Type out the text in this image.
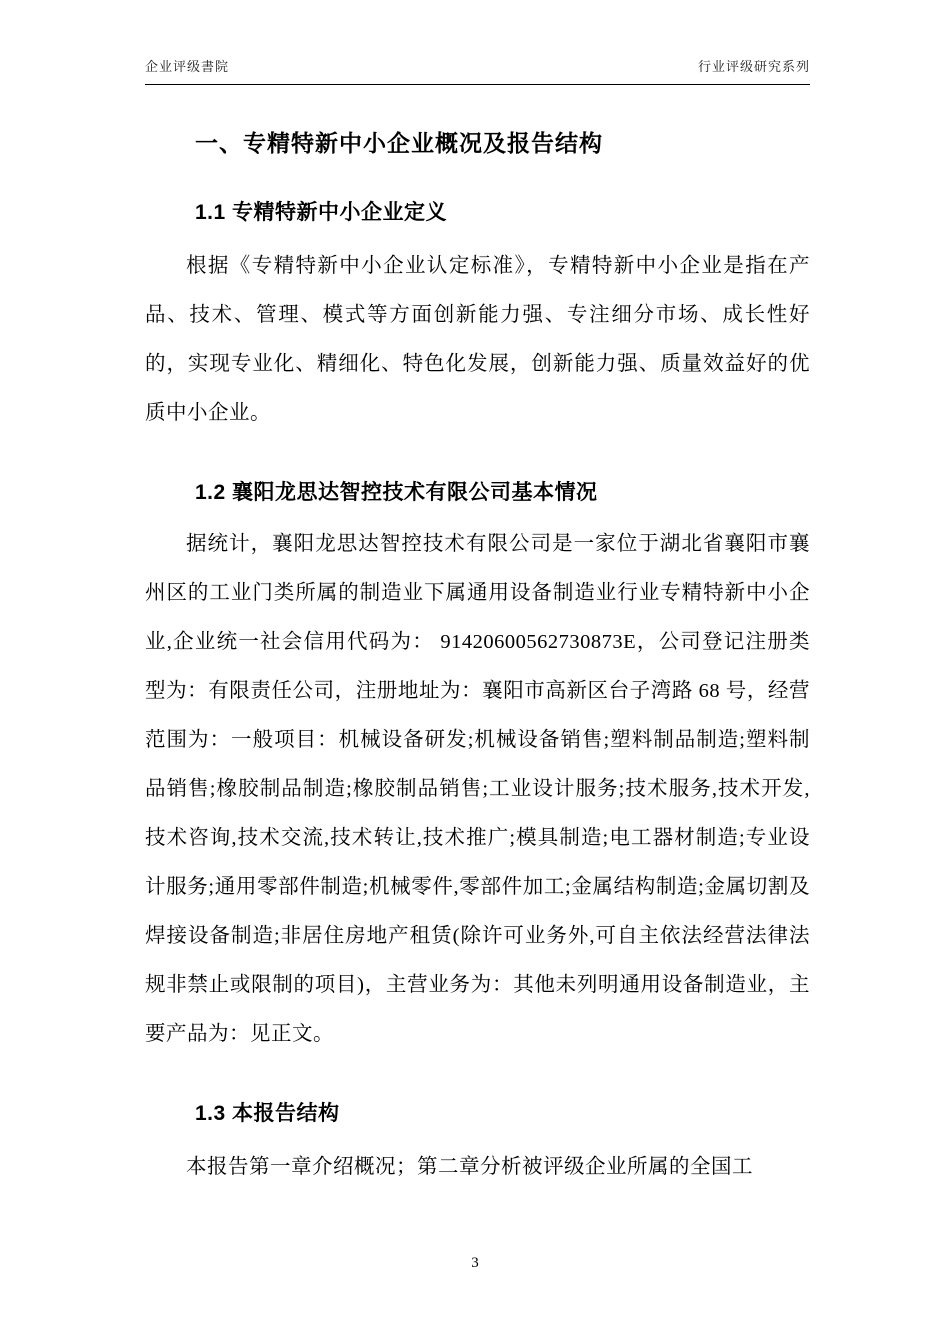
企业评级書院	行业评级研究系列
一、专精特新中小企业概况及报告结构
1.1 专精特新中小企业定义

根据《专精特新中小企业认定标准》，专精特新中小企业是指在产品、技术、管理、模式等方面创新能力强、专注细分市场、成长性好的，实现专业化、精细化、特色化发展，创新能力强、质量效益好的优质中小企业。

1.2 襄阳龙思达智控技术有限公司基本情况

据统计，襄阳龙思达智控技术有限公司是一家位于湖北省襄阳市襄州区的工业门类所属的制造业下属通用设备制造业行业专精特新中小企业,企业统一社会信用代码为： 91420600562730873E，公司登记注册类型为：有限责任公司，注册地址为：襄阳市高新区台子湾路 68 号，经营范围为：一般项目：机械设备研发;机械设备销售;塑料制品制造;塑料制品销售;橡胶制品制造;橡胶制品销售;工业设计服务;技术服务,技术开发,技术咨询,技术交流,技术转让,技术推广;模具制造;电工器材制造;专业设计服务;通用零部件制造;机械零件,零部件加工;金属结构制造;金属切割及焊接设备制造;非居住房地产租赁(除许可业务外,可自主依法经营法律法规非禁止或限制的项目)，主营业务为：其他未列明通用设备制造业，主要产品为：见正文。

1.3 本报告结构

本报告第一章介绍概况；第二章分析被评级企业所属的全国工

3
